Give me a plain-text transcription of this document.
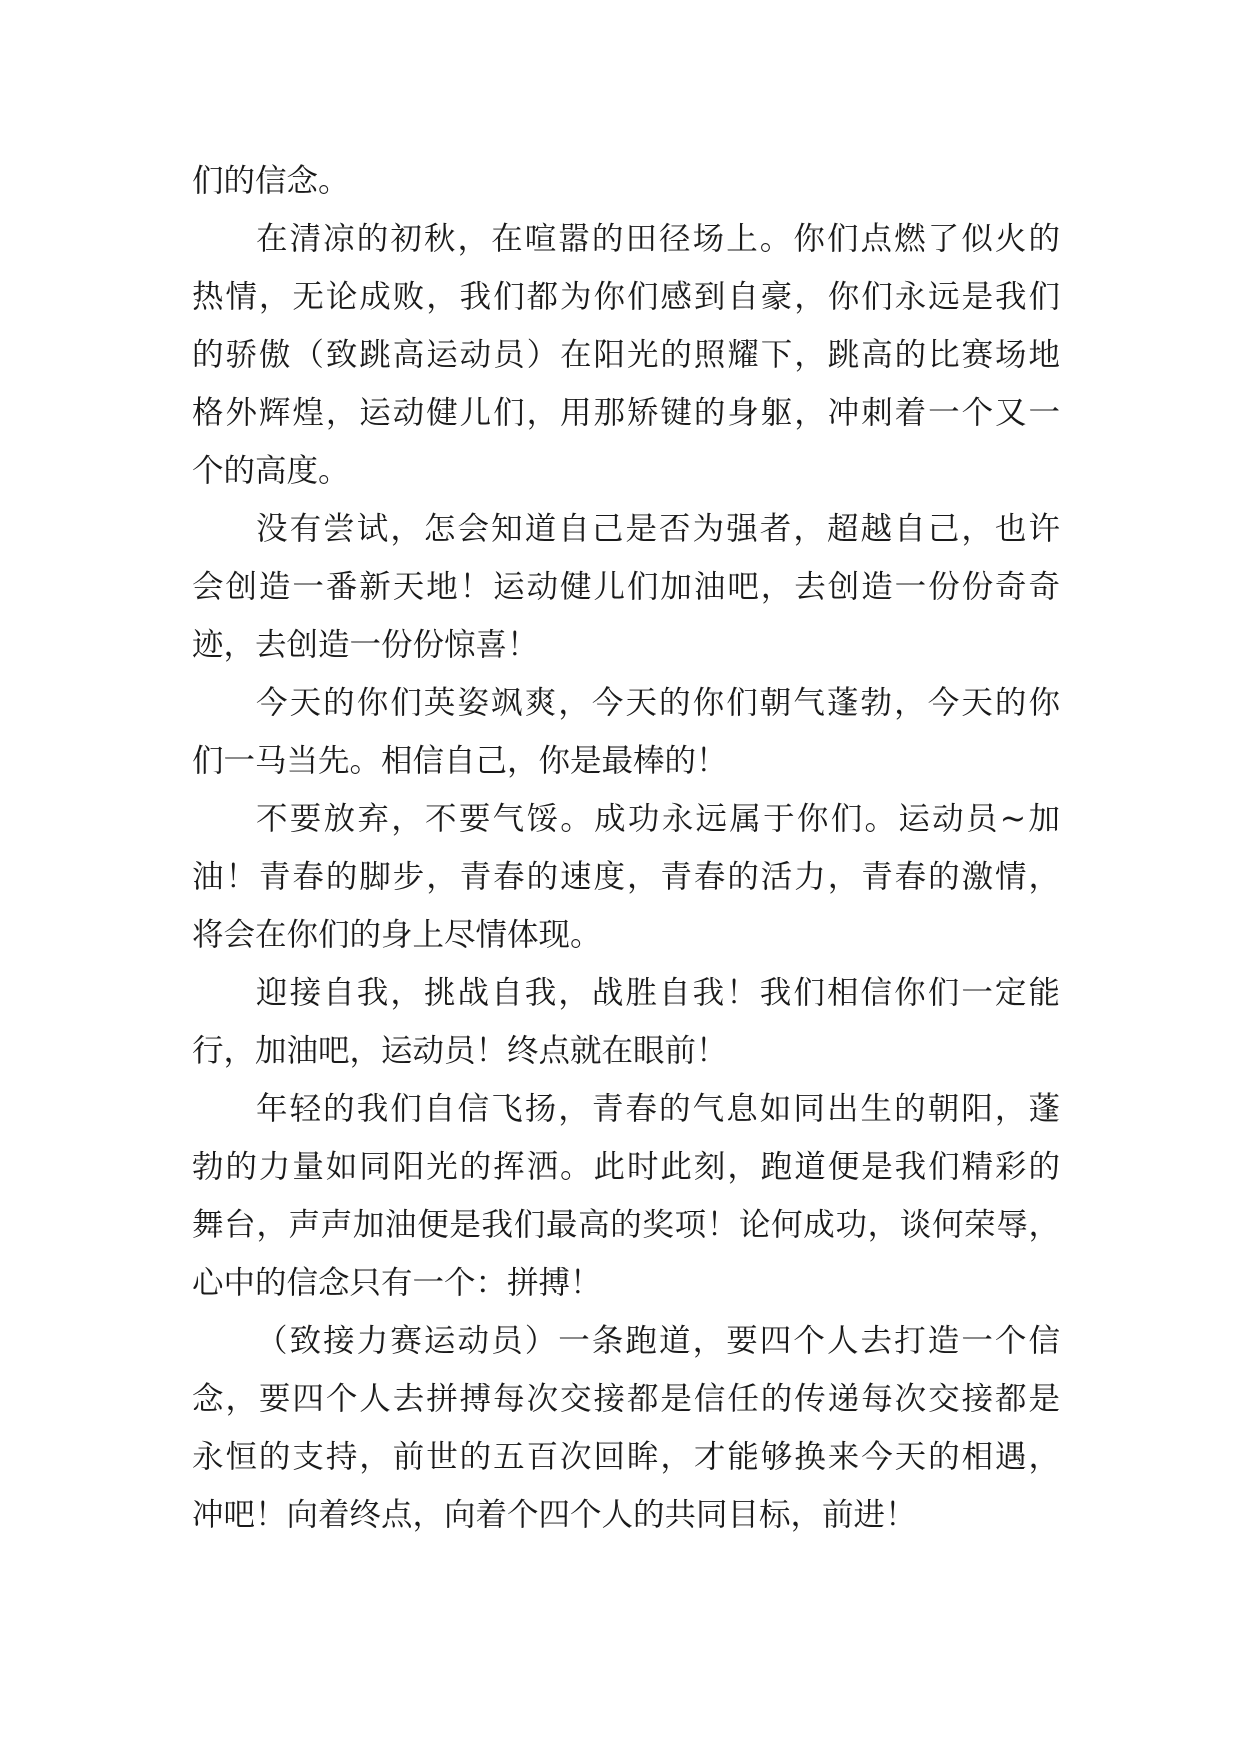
们的信念。
在清凉的初秋，在喧嚣的田径场上。你们点燃了似火的
热情，无论成败，我们都为你们感到自豪，你们永远是我们
的骄傲（致跳高运动员）在阳光的照耀下，跳高的比赛场地
格外辉煌，运动健儿们，用那矫键的身躯，冲刺着一个又一
个的高度。
没有尝试，怎会知道自己是否为强者，超越自己，也许
会创造一番新天地！运动健儿们加油吧，去创造一份份奇奇
迹，去创造一份份惊喜！
今天的你们英姿飒爽，今天的你们朝气蓬勃，今天的你
们一马当先。相信自己，你是最棒的！
不要放弃，不要气馁。成功永远属于你们。运动员~加
油！青春的脚步，青春的速度，青春的活力，青春的激情，
将会在你们的身上尽情体现。
迎接自我，挑战自我，战胜自我！我们相信你们一定能
行，加油吧，运动员！终点就在眼前！
年轻的我们自信飞扬，青春的气息如同出生的朝阳，蓬
勃的力量如同阳光的挥洒。此时此刻，跑道便是我们精彩的
舞台，声声加油便是我们最高的奖项！论何成功，谈何荣辱，
心中的信念只有一个：拼搏！
（致接力赛运动员）一条跑道，要四个人去打造一个信
念，要四个人去拼搏每次交接都是信任的传递每次交接都是
永恒的支持，前世的五百次回眸，才能够换来今天的相遇，
冲吧！向着终点，向着个四个人的共同目标，前进！
